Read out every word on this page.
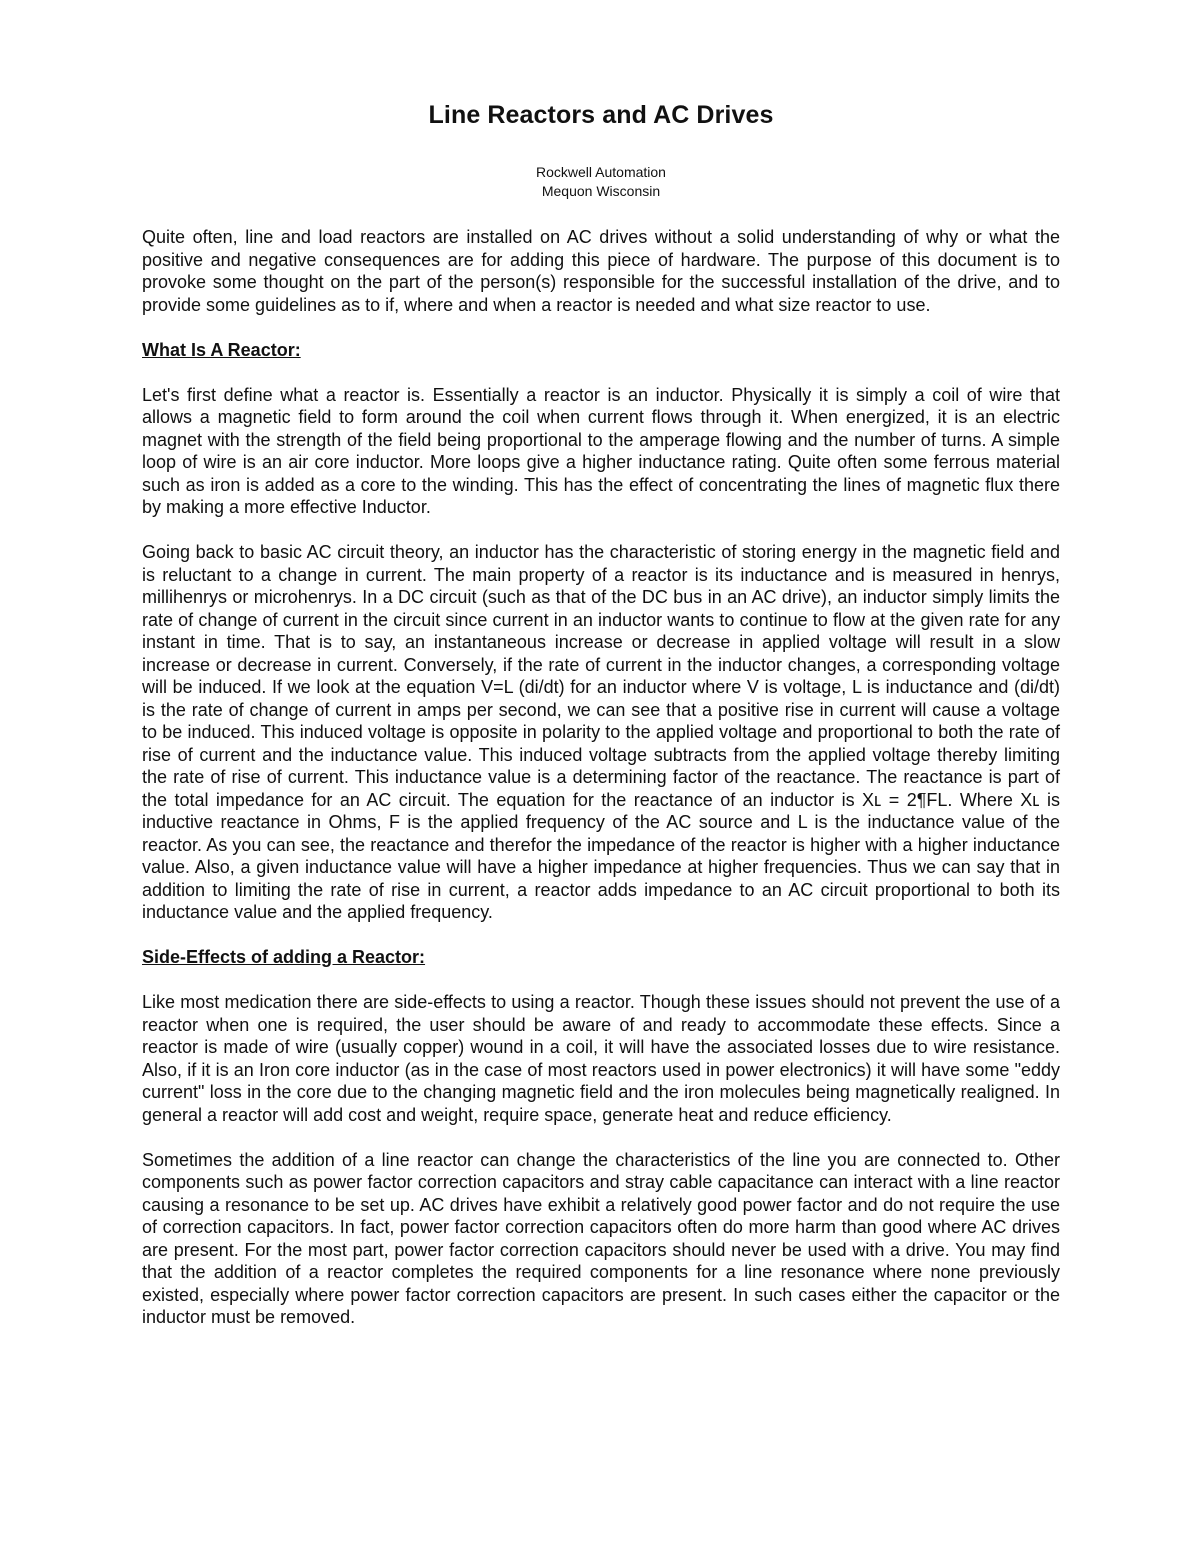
Line Reactors and AC Drives
Rockwell Automation
Mequon Wisconsin

Quite often, line and load reactors are installed on AC drives without a solid understanding of why or what the positive and negative consequences are for adding this piece of hardware. The purpose of this document is to provoke some thought on the part of the person(s) responsible for the successful installation of the drive, and to provide some guidelines as to if, where and when a reactor is needed and what size reactor to use.

What Is A Reactor:

Let's first define what a reactor is. Essentially a reactor is an inductor. Physically it is simply a coil of wire that allows a magnetic field to form around the coil when current flows through it. When energized, it is an electric magnet with the strength of the field being proportional to the amperage flowing and the number of turns. A simple loop of wire is an air core inductor. More loops give a higher inductance rating. Quite often some ferrous material such as iron is added as a core to the winding. This has the effect of concentrating the lines of magnetic flux there by making a more effective Inductor.

Going back to basic AC circuit theory, an inductor has the characteristic of storing energy in the magnetic field and is reluctant to a change in current. The main property of a reactor is its inductance and is measured in henrys, millihenrys or microhenrys. In a DC circuit (such as that of the DC bus in an AC drive), an inductor simply limits the rate of change of current in the circuit since current in an inductor wants to continue to flow at the given rate for any instant in time. That is to say, an instantaneous increase or decrease in applied voltage will result in a slow increase or decrease in current. Conversely, if the rate of current in the inductor changes, a corresponding voltage will be induced. If we look at the equation V=L (di/dt) for an inductor where V is voltage, L is inductance and (di/dt) is the rate of change of current in amps per second, we can see that a positive rise in current will cause a voltage to be induced. This induced voltage is opposite in polarity to the applied voltage and proportional to both the rate of rise of current and the inductance value. This induced voltage subtracts from the applied voltage thereby limiting the rate of rise of current. This inductance value is a determining factor of the reactance. The reactance is part of the total impedance for an AC circuit. The equation for the reactance of an inductor is Xʟ = 2¶FL. Where Xʟ is inductive reactance in Ohms, F is the applied frequency of the AC source and L is the inductance value of the reactor. As you can see, the reactance and therefor the impedance of the reactor is higher with a higher inductance value. Also, a given inductance value will have a higher impedance at higher frequencies. Thus we can say that in addition to limiting the rate of rise in current, a reactor adds impedance to an AC circuit proportional to both its inductance value and the applied frequency.

Side-Effects of adding a Reactor:

Like most medication there are side-effects to using a reactor. Though these issues should not prevent the use of a reactor when one is required, the user should be aware of and ready to accommodate these effects. Since a reactor is made of wire (usually copper) wound in a coil, it will have the associated losses due to wire resistance. Also, if it is an Iron core inductor (as in the case of most reactors used in power electronics) it will have some "eddy current" loss in the core due to the changing magnetic field and the iron molecules being magnetically realigned. In general a reactor will add cost and weight, require space, generate heat and reduce efficiency.

Sometimes the addition of a line reactor can change the characteristics of the line you are connected to. Other components such as power factor correction capacitors and stray cable capacitance can interact with a line reactor causing a resonance to be set up. AC drives have exhibit a relatively good power factor and do not require the use of correction capacitors. In fact, power factor correction capacitors often do more harm than good where AC drives are present. For the most part, power factor correction capacitors should never be used with a drive. You may find that the addition of a reactor completes the required components for a line resonance where none previously existed, especially where power factor correction capacitors are present. In such cases either the capacitor or the inductor must be removed.
